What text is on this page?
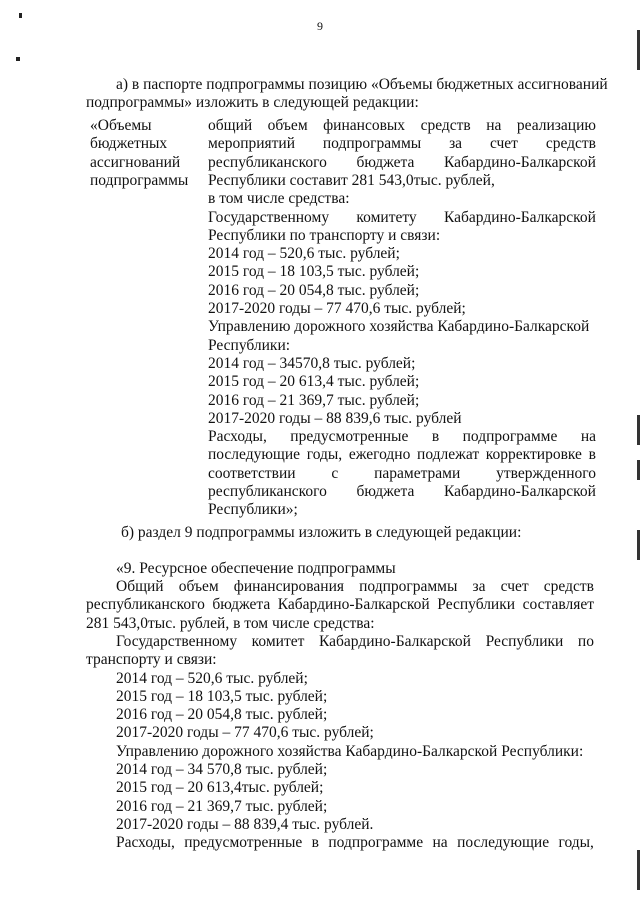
9
а) в паспорте подпрограммы позицию «Объемы бюджетных ассигнований
подпрограммы» изложить в следующей редакции:
«Объемы
бюджетных
ассигнований
подпрограммы
общий объем финансовых средств на реализацию
мероприятий подпрограммы за счет средств
республиканского бюджета Кабардино-Балкарской
Республики составит 281 543,0тыс. рублей,
в том числе средства:
Государственному комитету Кабардино-Балкарской
Республики по транспорту и связи:
2014 год – 520,6 тыс. рублей;
2015 год – 18 103,5 тыс. рублей;
2016 год – 20 054,8 тыс. рублей;
2017-2020 годы – 77 470,6 тыс. рублей;
Управлению дорожного хозяйства Кабардино-Балкарской
Республики:
2014 год – 34570,8 тыс. рублей;
2015 год – 20 613,4 тыс. рублей;
2016 год – 21 369,7 тыс. рублей;
2017-2020 годы – 88 839,6 тыс. рублей
Расходы, предусмотренные в подпрограмме на
последующие годы, ежегодно подлежат корректировке в
соответствии с параметрами утвержденного
республиканского бюджета Кабардино-Балкарской
Республики»;
б) раздел 9 подпрограммы изложить в следующей редакции:
«9. Ресурсное обеспечение подпрограммы
Общий объем финансирования подпрограммы за счет средств
республиканского бюджета Кабардино-Балкарской Республики составляет
281 543,0тыс. рублей, в том числе средства:
Государственному комитет Кабардино-Балкарской Республики по
транспорту и связи:
2014 год – 520,6 тыс. рублей;
2015 год – 18 103,5 тыс. рублей;
2016 год – 20 054,8 тыс. рублей;
2017-2020 годы – 77 470,6 тыс. рублей;
Управлению дорожного хозяйства Кабардино-Балкарской Республики:
2014 год – 34 570,8 тыс. рублей;
2015 год – 20 613,4тыс. рублей;
2016 год – 21 369,7 тыс. рублей;
2017-2020 годы – 88 839,4 тыс. рублей.
Расходы, предусмотренные в подпрограмме на последующие годы,
